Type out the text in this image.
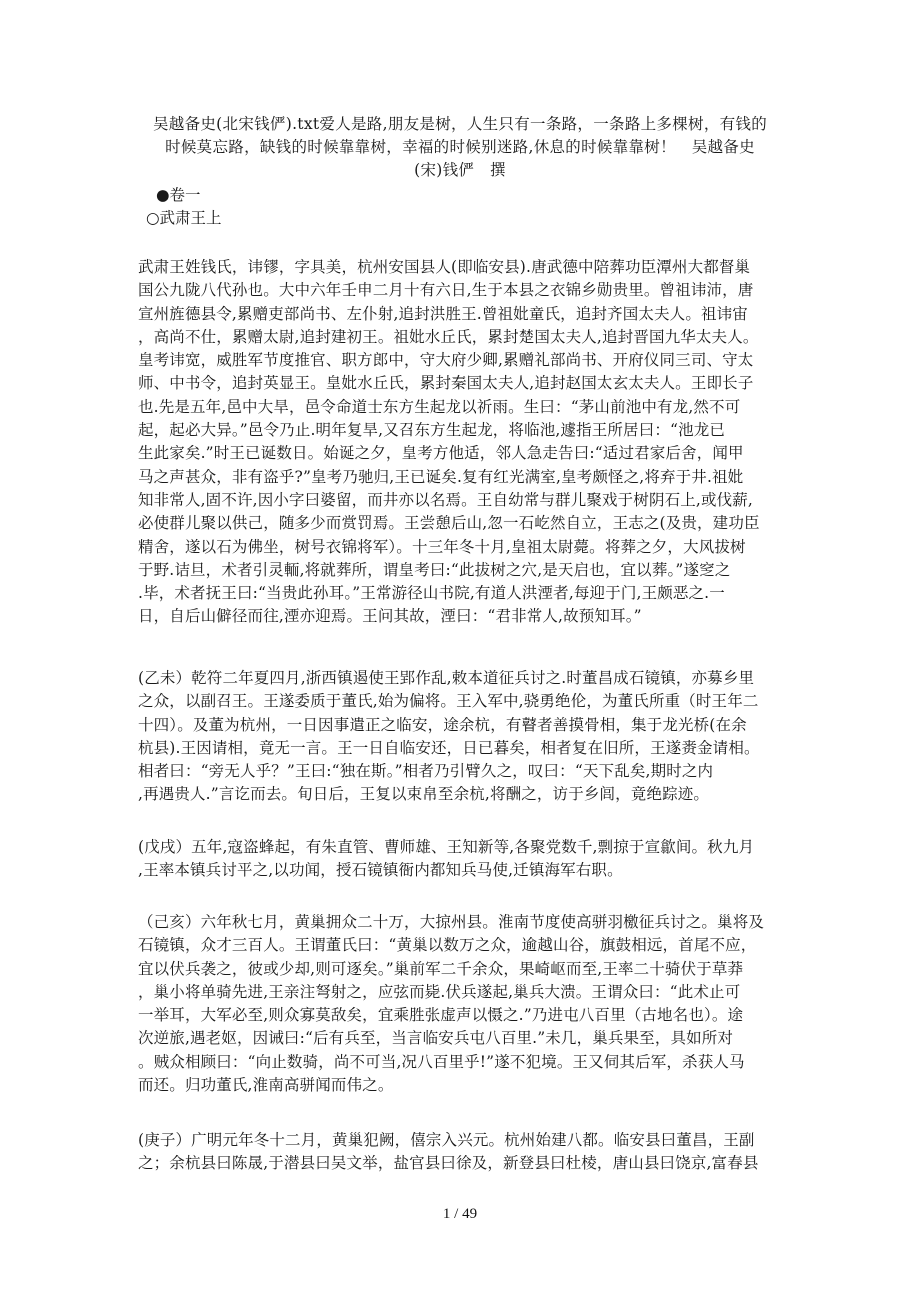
吴越备史(北宋钱俨).txt爱人是路,朋友是树，人生只有一条路，一条路上多棵树，有钱的
时候莫忘路，缺钱的时候靠靠树，幸福的时候别迷路,休息的时候靠靠树！　吴越备史
(宋)钱俨　撰
●卷一
○武肃王上
武肃王姓钱氏，讳镠，字具美，杭州安国县人(即临安县).唐武德中陪葬功臣潭州大都督巢
国公九陇八代孙也。大中六年壬申二月十有六日,生于本县之衣锦乡勋贵里。曾祖讳沛，唐
宣州旌德县令,累赠吏部尚书、左仆射,追封洪胜王.曾祖妣童氏，追封齐国太夫人。祖讳宙
，高尚不仕，累赠太尉,追封建初王。祖妣水丘氏，累封楚国太夫人,追封晋国九华太夫人。
皇考讳宽，威胜军节度推官、职方郎中，守大府少卿,累赠礼部尚书、开府仪同三司、守太
师、中书令，追封英显王。皇妣水丘氏，累封秦国太夫人,追封赵国太玄太夫人。王即长子
也.先是五年,邑中大旱，邑令命道士东方生起龙以祈雨。生曰：“茅山前池中有龙,然不可
起，起必大异。”邑令乃止.明年复旱,又召东方生起龙，将临池,遽指王所居曰：“池龙已
生此家矣.”时王已诞数日。始诞之夕，皇考方他适，邻人急走告曰:“适过君家后舍，闻甲
马之声甚众，非有盗乎?”皇考乃驰归,王已诞矣.复有红光满室,皇考颇怪之,将弃于井.祖妣
知非常人,固不许,因小字曰婆留，而井亦以名焉。王自幼常与群儿聚戏于树阴石上,或伐薪,
必使群儿聚以供己，随多少而赏罚焉。王尝憩后山,忽一石屹然自立，王志之(及贵，建功臣
精舍，遂以石为佛坐，树号衣锦将军）。十三年冬十月,皇祖太尉薨。将葬之夕，大风拔树
于野.诘旦，术者引灵輀,将就葬所，谓皇考曰:“此拔树之穴,是天启也，宜以葬。”遂窆之
.毕，术者抚王曰:“当贵此孙耳。”王常游径山书院,有道人洪湮者,每迎于门,王颇恶之.一
日，自后山僻径而往,湮亦迎焉。王问其故，湮曰：“君非常人,故预知耳。”
(乙未）乾符二年夏四月,浙西镇遏使王郢作乱,敕本道征兵讨之.时董昌成石镜镇，亦募乡里
之众，以副召王。王遂委质于董氏,始为偏将。王入军中,骁勇绝伦，为董氏所重（时王年二
十四）。及董为杭州，一日因事遣正之临安，途余杭，有瞽者善摸骨相，集于龙光桥(在余
杭县).王因请相，竟无一言。王一日自临安还，日已暮矣，相者复在旧所，王遂赉金请相。
相者曰：“旁无人乎？”王曰:“独在斯。”相者乃引臂久之，叹曰：“天下乱矣,期时之内
,再遇贵人.”言讫而去。旬日后，王复以束帛至余杭,将酬之，访于乡闾，竟绝踪迹。
(戊戌）五年,寇盗蜂起，有朱直管、曹师雄、王知新等,各聚党数千,剽掠于宣歙间。秋九月
,王率本镇兵讨平之,以功闻，授石镜镇衙内都知兵马使,迁镇海军右职。
（己亥）六年秋七月，黄巢拥众二十万，大掠州县。淮南节度使高骈羽檄征兵讨之。巢将及
石镜镇，众才三百人。王谓董氏曰：“黄巢以数万之众，逾越山谷，旗鼓相远，首尾不应，
宜以伏兵袭之，彼或少却,则可逐矣。”巢前军二千余众，果崎岖而至,王率二十骑伏于草莽
，巢小将单骑先进,王亲注弩射之，应弦而毙.伏兵遂起,巢兵大溃。王谓众曰：“此术止可
一举耳，大军必至,则众寡莫敌矣，宜乘胜张虚声以慑之.”乃进屯八百里（古地名也）。途
次逆旅,遇老妪，因诫曰:“后有兵至，当言临安兵屯八百里.”未几，巢兵果至，具如所对
。贼众相顾曰：“向止数骑，尚不可当,况八百里乎!”遂不犯境。王又伺其后军，杀获人马
而还。归功董氏,淮南高骈闻而伟之。
(庚子）广明元年冬十二月，黄巢犯阙，僖宗入兴元。杭州始建八都。临安县曰董昌，王副
之；余杭县曰陈晟,于潜县曰吴文举，盐官县曰徐及，新登县曰杜棱，唐山县曰饶京,富春县
1 / 49
